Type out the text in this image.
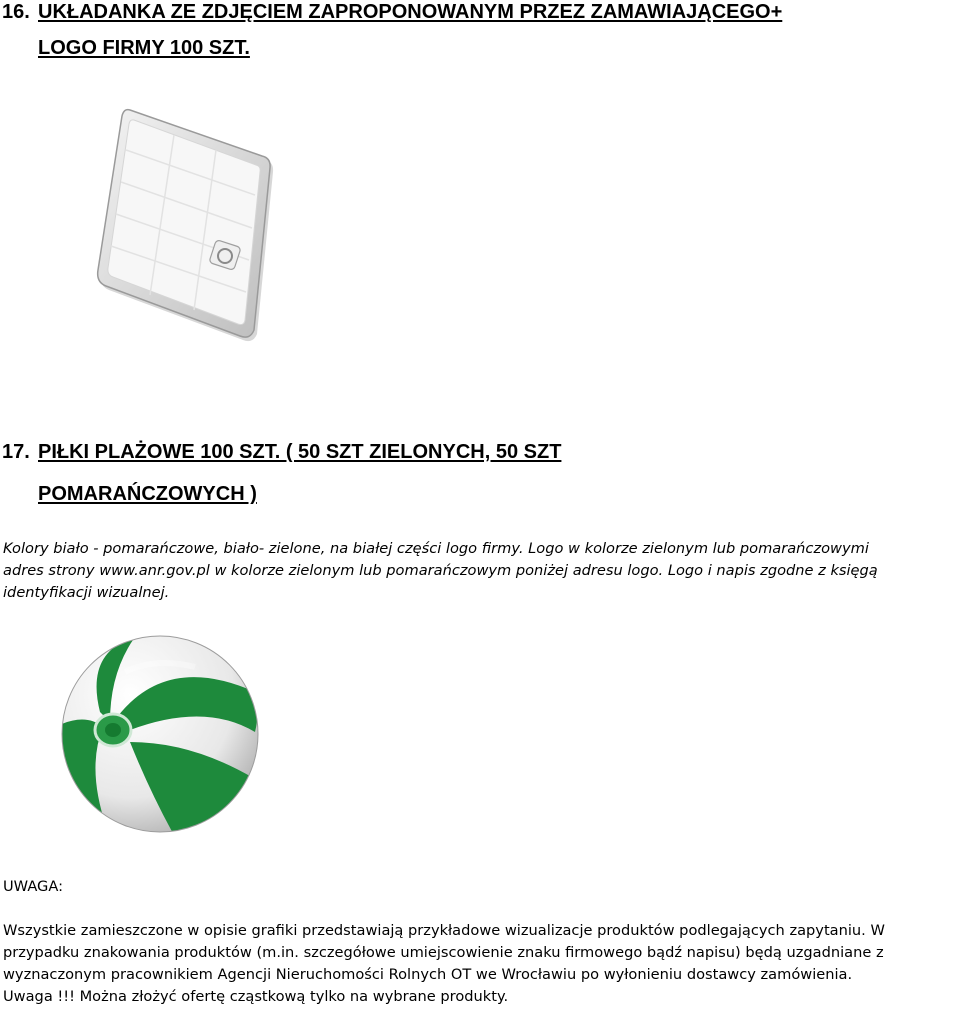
16. UKŁADANKA ZE ZDJĘCIEM ZAPROPONOWANYM PRZEZ ZAMAWIAJĄCEGO+
LOGO FIRMY 100 SZT.
17. PIŁKI PLAŻOWE 100 SZT. ( 50 SZT ZIELONYCH, 50 SZT
POMARAŃCZOWYCH )
Kolory biało - pomarańczowe, biało- zielone, na białej części logo firmy. Logo w kolorze zielonym lub pomarańczowymi
adres strony www.anr.gov.pl w kolorze zielonym lub pomarańczowym poniżej adresu logo. Logo i napis zgodne z księgą
identyfikacji wizualnej.
UWAGA:
Wszystkie zamieszczone w opisie grafiki przedstawiają przykładowe wizualizacje produktów podlegających zapytaniu. W
przypadku znakowania produktów (m.in. szczegółowe umiejscowienie znaku firmowego bądź napisu) będą uzgadniane z
wyznaczonym pracownikiem Agencji Nieruchomości Rolnych OT we Wrocławiu po wyłonieniu dostawcy zamówienia.
Uwaga !!! Można złożyć ofertę cząstkową tylko na wybrane produkty.
